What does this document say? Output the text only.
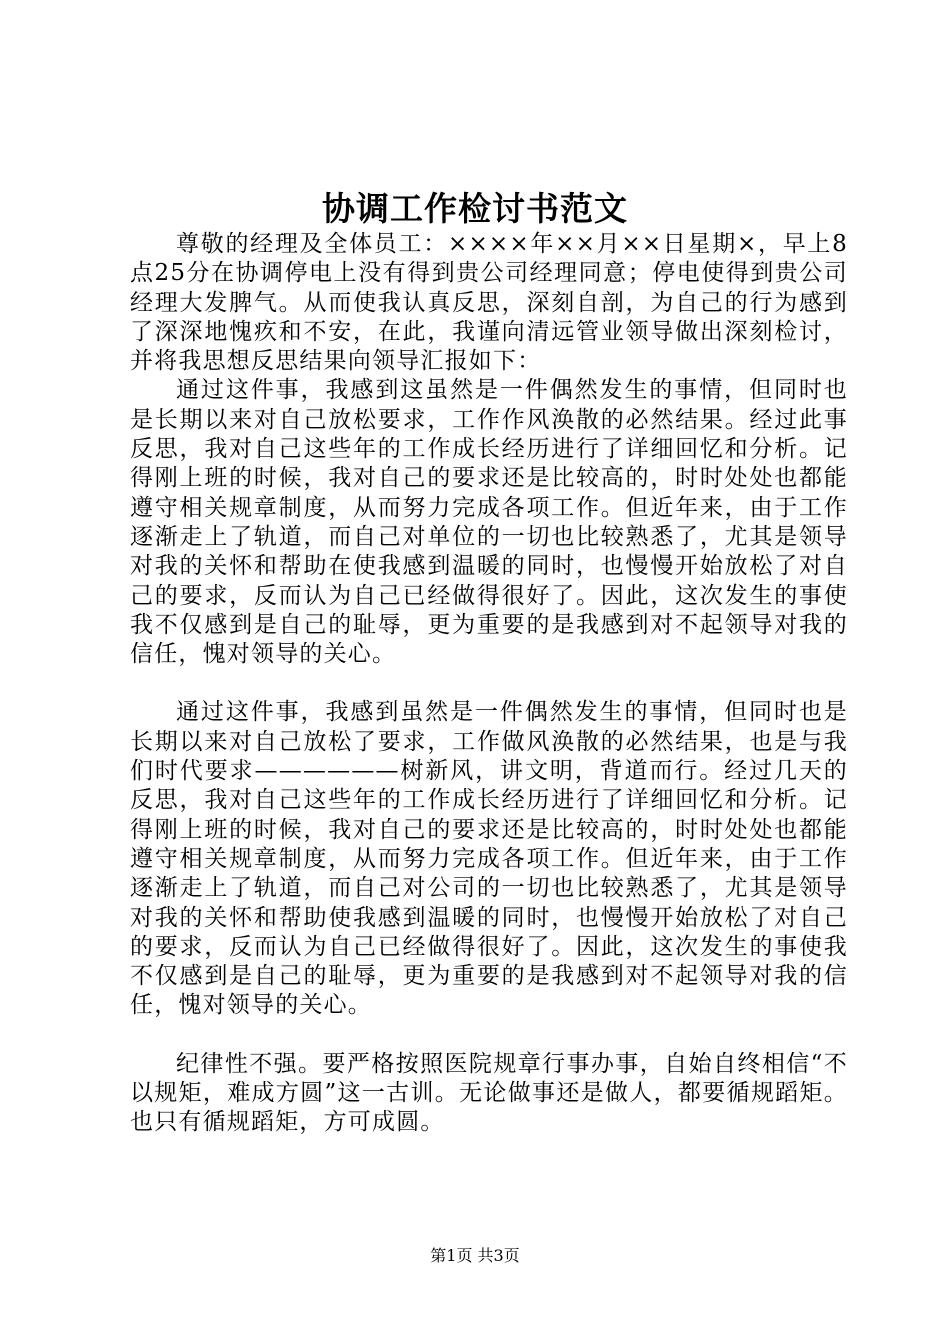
协调工作检讨书范文

尊敬的经理及全体员工：××××年××月××日星期×，早上8点25分在协调停电上没有得到贵公司经理同意；停电使得到贵公司经理大发脾气。从而使我认真反思，深刻自剖，为自己的行为感到了深深地愧疚和不安，在此，我谨向清远管业领导做出深刻检讨，并将我思想反思结果向领导汇报如下：

通过这件事，我感到这虽然是一件偶然发生的事情，但同时也是长期以来对自己放松要求，工作作风涣散的必然结果。经过此事反思，我对自己这些年的工作成长经历进行了详细回忆和分析。记得刚上班的时候，我对自己的要求还是比较高的，时时处处也都能遵守相关规章制度，从而努力完成各项工作。但近年来，由于工作逐渐走上了轨道，而自己对单位的一切也比较熟悉了，尤其是领导对我的关怀和帮助在使我感到温暖的同时，也慢慢开始放松了对自己的要求，反而认为自己已经做得很好了。因此，这次发生的事使我不仅感到是自己的耻辱，更为重要的是我感到对不起领导对我的信任，愧对领导的关心。

通过这件事，我感到虽然是一件偶然发生的事情，但同时也是长期以来对自己放松了要求，工作做风涣散的必然结果，也是与我们时代要求——————树新风，讲文明，背道而行。经过几天的反思，我对自己这些年的工作成长经历进行了详细回忆和分析。记得刚上班的时候，我对自己的要求还是比较高的，时时处处也都能遵守相关规章制度，从而努力完成各项工作。但近年来，由于工作逐渐走上了轨道，而自己对公司的一切也比较熟悉了，尤其是领导对我的关怀和帮助使我感到温暖的同时，也慢慢开始放松了对自己的要求，反而认为自己已经做得很好了。因此，这次发生的事使我不仅感到是自己的耻辱，更为重要的是我感到对不起领导对我的信任，愧对领导的关心。

纪律性不强。要严格按照医院规章行事办事，自始自终相信“不以规矩，难成方圆”这一古训。无论做事还是做人，都要循规蹈矩。也只有循规蹈矩，方可成圆。

第1页 共3页
